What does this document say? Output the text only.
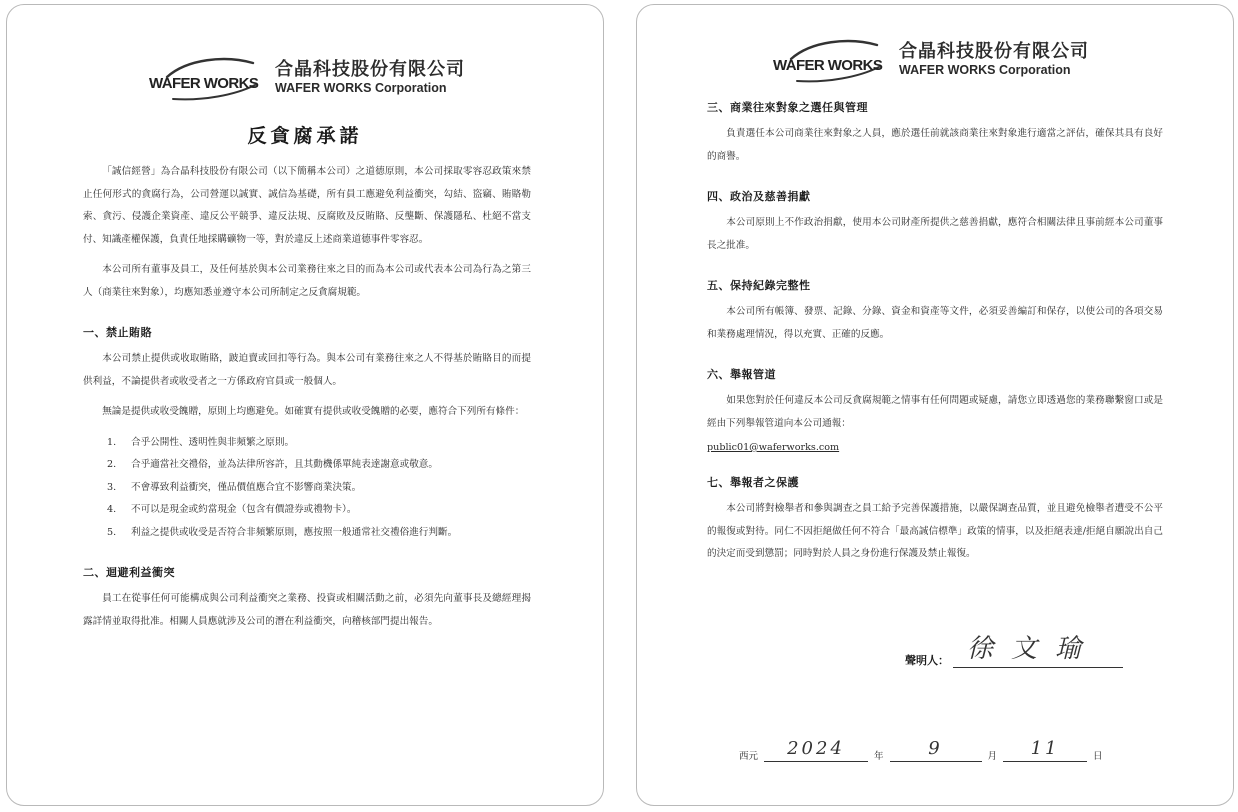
WAFER WORKS
合晶科技股份有限公司
WAFER WORKS Corporation
反貪腐承諾

「誠信經營」為合晶科技股份有限公司（以下簡稱本公司）之道德原則，本公司採取零容忍政策來禁止任何形式的貪腐行為，公司營運以誠實、誠信為基礎，所有員工應避免利益衝突，勾結、盜竊、賄賂勒索、貪污、侵護企業資產、違反公平競爭、違反法規、反腐敗及反賄賂、反壟斷、保護隱私、杜絕不當支付、知識產權保護，負責任地採購礦物一等，對於違反上述商業道德事件零容忍。

本公司所有董事及員工，及任何基於與本公司業務往來之目的而為本公司或代表本公司為行為之第三人（商業往來對象），均應知悉並遵守本公司所制定之反貪腐規範。

一、禁止賄賂

本公司禁止提供或收取賄賂，跛迫賣或回扣等行為。與本公司有業務往來之人不得基於賄賂目的而提供利益，不論提供者或收受者之一方係政府官員或一般個人。

無論是提供或收受餽贈，原則上均應避免。如確實有提供或收受餽贈的必要，應符合下列所有條件：

1.	合乎公開性、透明性與非頻繁之原則。
2.	合乎適當社交禮俗，並為法律所容許，且其動機係單純表達謝意或敬意。
3.	不會導致利益衝突，僅品價值應合宜不影響商業決策。
4.	不可以是現金或約當現金（包含有價證券或禮物卡）。
5.	利益之提供或收受是否符合非頻繁原則，應按照一般通常社交禮俗進行判斷。
二、迴避利益衝突

員工在從事任何可能構成與公司利益衝突之業務、投資或相關活動之前，必須先向董事長及總經理揭露詳情並取得批准。相關人員應就涉及公司的潛在利益衝突，向稽核部門提出報告。

WAFER WORKS
合晶科技股份有限公司
WAFER WORKS Corporation
三、商業往來對象之選任與管理

負責選任本公司商業往來對象之人員，應於選任前就該商業往來對象進行適當之評估，確保其具有良好的商譽。

四、政治及慈善捐獻

本公司原則上不作政治捐獻，使用本公司財產所提供之慈善捐獻，應符合相關法律且事前經本公司董事長之批准。

五、保持紀錄完整性

本公司所有帳簿、發票、記錄、分錄、資金和資產等文件，必須妥善編訂和保存，以使公司的各項交易和業務處理情況，得以充實、正確的反應。

六、舉報管道

如果您對於任何違反本公司反貪腐規範之情事有任何問題或疑慮，請您立即透過您的業務聯繫窗口或是經由下列舉報管道向本公司通報：

public01@waferworks.com
七、舉報者之保護

本公司將對檢舉者和參與調查之員工給予完善保護措施，以嚴保調查品質，並且避免檢舉者遭受不公平的報復或對待。同仁不因拒絕做任何不符合「最高誠信標準」政策的情事，以及拒絕表達/拒絕自願說出自己的決定而受到懲罰；同時對於人員之身份進行保護及禁止報復。

聲明人： 徐文瑜
西元	2024	年	9	月	11	日
